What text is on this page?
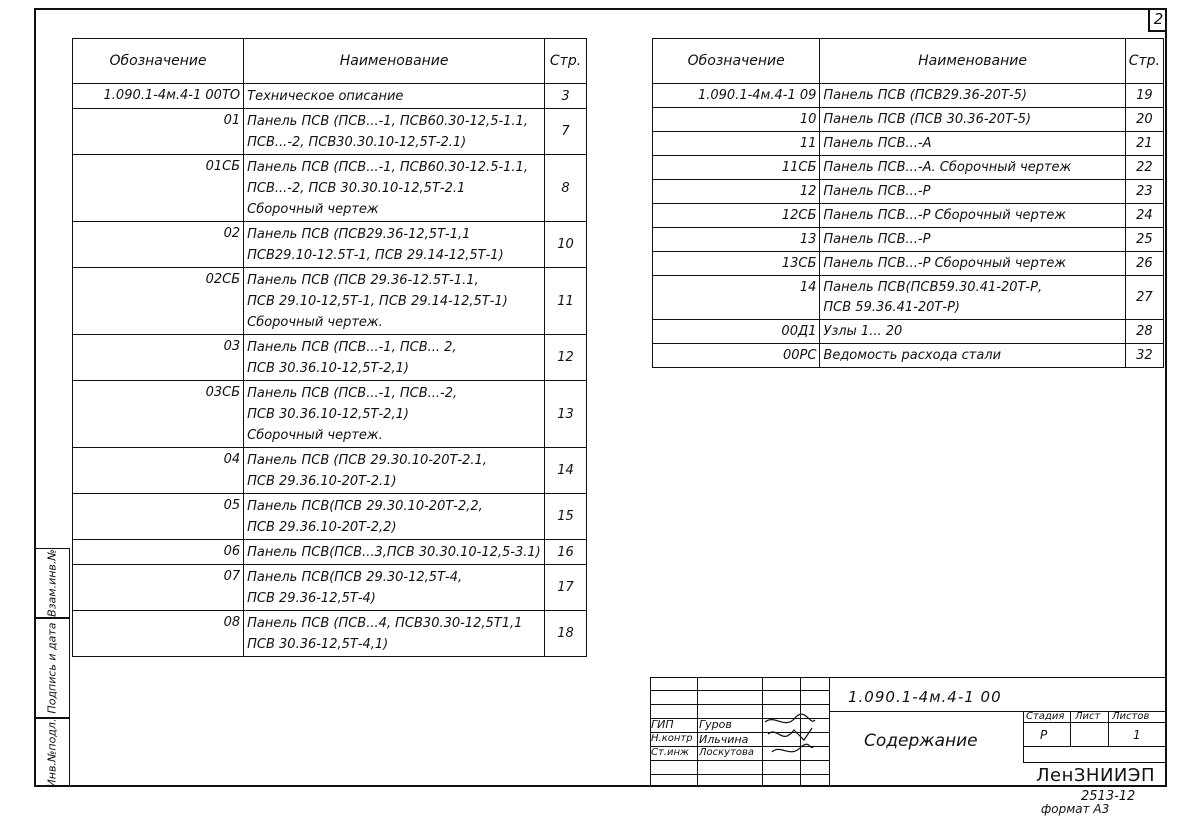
2
Обозначение	Наименование	Стр.
1.090.1-4м.4-1 00ТО	Техническое описание	3
01	Панель ПСВ (ПСВ...-1, ПСВ60.30-12,5-1.1,
ПСВ...-2, ПСВ30.30.10-12,5Т-2.1)	7
01СБ	Панель ПСВ (ПСВ...-1, ПСВ60.30-12.5-1.1,
ПСВ...-2, ПСВ 30.30.10-12,5Т-2.1
Сборочный чертеж	8
02	Панель ПСВ (ПСВ29.36-12,5Т-1,1
ПСВ29.10-12.5Т-1, ПСВ 29.14-12,5Т-1)	10
02СБ	Панель ПСВ (ПСВ 29.36-12.5Т-1.1,
ПСВ 29.10-12,5Т-1, ПСВ 29.14-12,5Т-1)
Сборочный чертеж.	11
03	Панель ПСВ (ПСВ...-1, ПСВ... 2,
ПСВ 30.36.10-12,5Т-2,1)	12
03СБ	Панель ПСВ (ПСВ...-1, ПСВ...-2,
ПСВ 30.36.10-12,5Т-2,1)
Сборочный чертеж.	13
04	Панель ПСВ (ПСВ 29.30.10-20Т-2.1,
ПСВ 29.36.10-20Т-2.1)	14
05	Панель ПСВ(ПСВ 29.30.10-20Т-2,2,
ПСВ 29.36.10-20Т-2,2)	15
06	Панель ПСВ(ПСВ...3,ПСВ 30.30.10-12,5-3.1)	16
07	Панель ПСВ(ПСВ 29.30-12,5Т-4,
ПСВ 29.36-12,5Т-4)	17
08	Панель ПСВ (ПСВ...4, ПСВ30.30-12,5Т1,1
ПСВ 30.36-12,5Т-4,1)	18
Обозначение	Наименование	Стр.
1.090.1-4м.4-1 09	Панель ПСВ (ПСВ29.36-20Т-5)	19
10	Панель ПСВ (ПСВ 30.36-20Т-5)	20
11	Панель ПСВ...-А	21
11СБ	Панель ПСВ...-А. Сборочный чертеж	22
12	Панель ПСВ...-Р	23
12СБ	Панель ПСВ...-Р Сборочный чертеж	24
13	Панель ПСВ...-Р	25
13СБ	Панель ПСВ...-Р Сборочный чертеж	26
14	Панель ПСВ(ПСВ59.30.41-20Т-Р,
ПСВ 59.36.41-20Т-Р)	27
00Д1	Узлы 1... 20	28
00РС	Ведомость расхода стали	32
Взам.инв.№
Подпись и дата
Инв.№подл.	ГИП Гуров
Н.контр Ильчина
Ст.инж Лоскутова
1.090.1-4м.4-1 00
Содержание
Стадия Лист Листов
Р	1
ЛенЗНИИЭП
2513-12
формат А3
